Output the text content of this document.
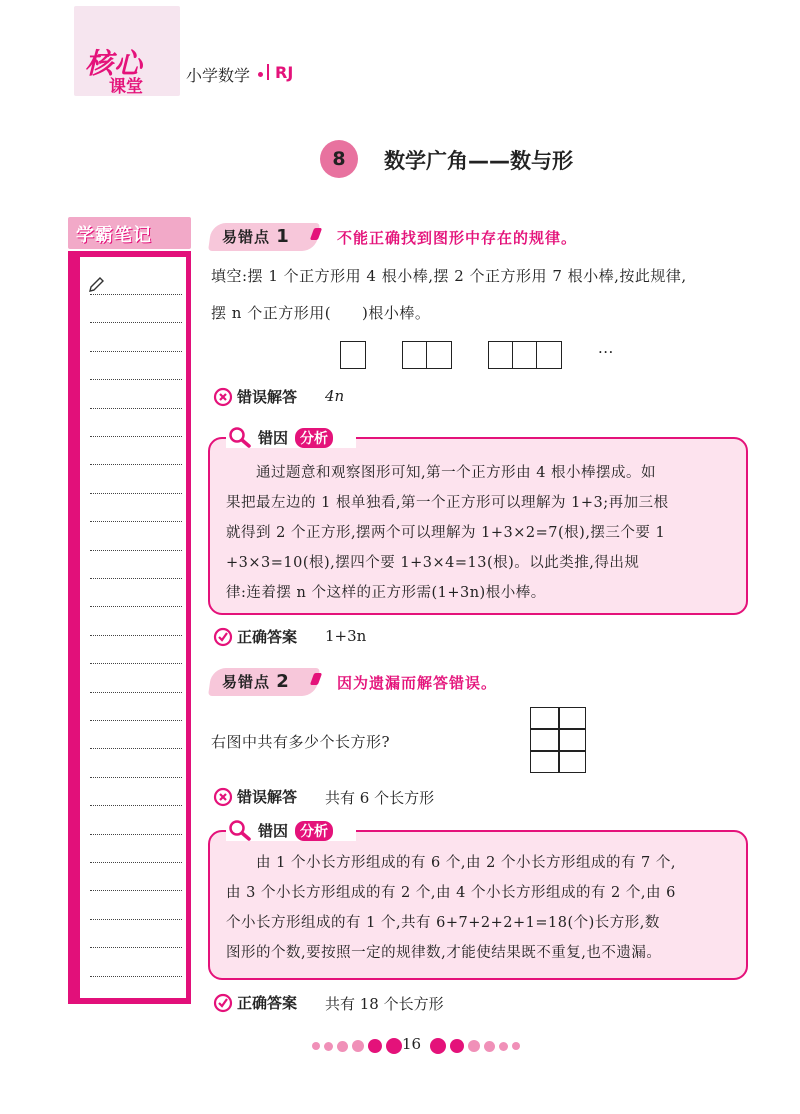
核心
课堂
小学数学 RJ
8	数学广角——数与形
学霸笔记	易错点 1	不能正确找到图形中存在的规律。
填空:摆 1 个正方形用 4 根小棒,摆 2 个正方形用 7 根小棒,按此规律,
摆 n 个正方形用(　　)根小棒。
···
错误解答 4n
错因 分析
通过题意和观察图形可知,第一个正方形由 4 根小棒摆成。如
果把最左边的 1 根单独看,第一个正方形可以理解为 1+3;再加三根
就得到 2 个正方形,摆两个可以理解为 1+3×2=7(根),摆三个要 1
+3×3=10(根),摆四个要 1+3×4=13(根)。以此类推,得出规
律:连着摆 n 个这样的正方形需(1+3n)根小棒。
正确答案 1+3n
易错点 2	因为遗漏而解答错误。
右图中共有多少个长方形?
错误解答 共有 6 个长方形
错因 分析
由 1 个小长方形组成的有 6 个,由 2 个小长方形组成的有 7 个,
由 3 个小长方形组成的有 2 个,由 4 个小长方形组成的有 2 个,由 6
个小长方形组成的有 1 个,共有 6+7+2+2+1=18(个)长方形,数
图形的个数,要按照一定的规律数,才能使结果既不重复,也不遗漏。
正确答案 共有 18 个长方形
16
